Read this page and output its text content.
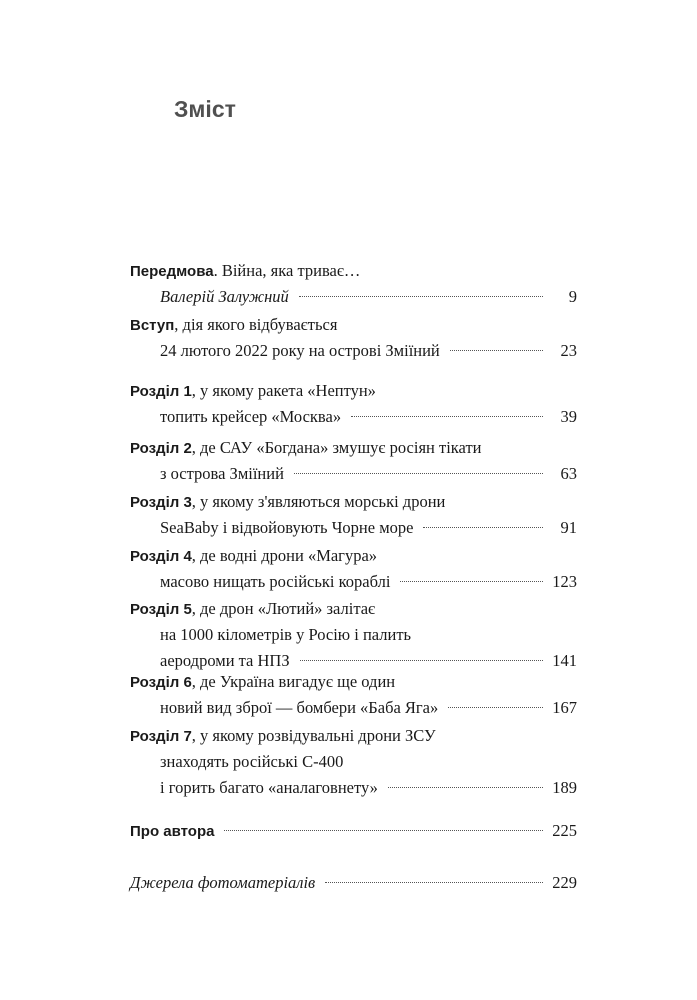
Зміст
Передмова. Війна, яка триває…
Валерій Залужний	9
Вступ, дія якого відбувається
24 лютого 2022 року на острові Зміїний	23
Розділ 1, у якому ракета «Нептун»
топить крейсер «Москва»	39
Розділ 2, де САУ «Богдана» змушує росіян тікати
з острова Зміїний	63
Розділ 3, у якому з'являються морські дрони
SeaBaby і відвойовують Чорне море	91
Розділ 4, де водні дрони «Магура»
масово нищать російські кораблі	123
Розділ 5, де дрон «Лютий» залітає
на 1000 кілометрів у Росію і палить
аеродроми та НПЗ	141
Розділ 6, де Україна вигадує ще один
новий вид зброї — бомбери «Баба Яга»	167
Розділ 7, у якому розвідувальні дрони ЗСУ
знаходять російські С-400
і горить багато «аналаговнету»	189
Про автора	225
Джерела фотоматеріалів	229
